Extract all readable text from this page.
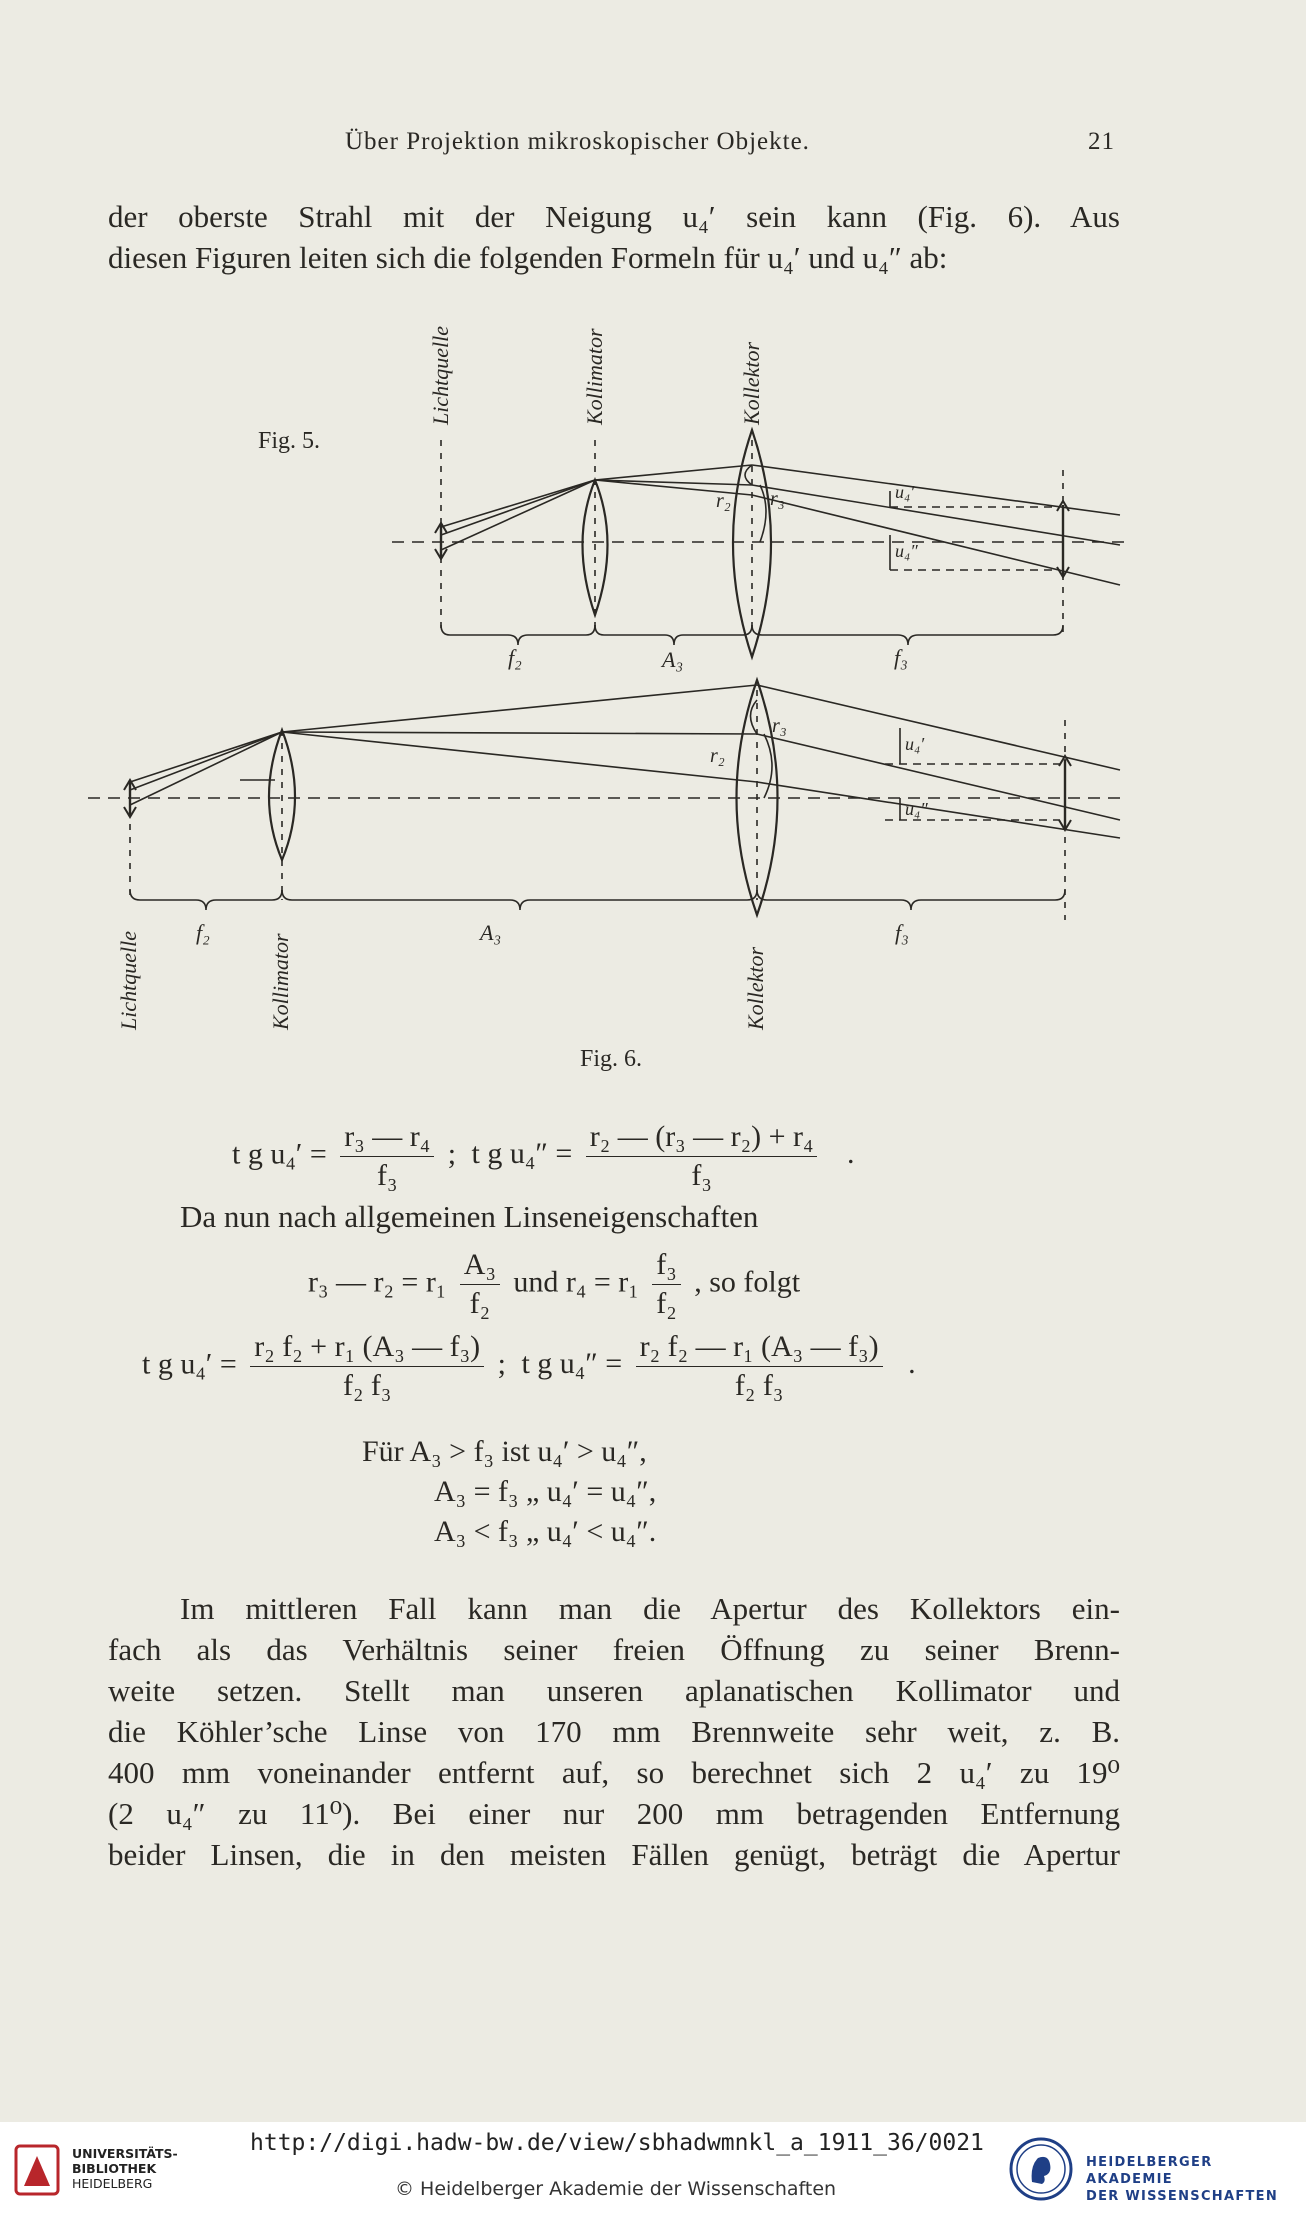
Über Projektion mikroskopischer Objekte.	21
der oberste Strahl mit der Neigung u₄′ sein kann (Fig. 6). Aus
diesen Figuren leiten sich die folgenden Formeln für u₄′ und u₄″ ab:
Fig. 5.
Lichtquelle	Kollimator	Kollektor
f₂	A₃	f₃
r₂ r₃	u₄′
u₄″
Lichtquelle	Kollimator	Kollektor
f₂	A₃	f₃
r₂
r₃
u₄′
u₄″
Fig. 6.
t g $u_4' = \frac{\text{r₃ — r₄}}{\text{f₃}}$ ; t g $u_4'' = \frac{\text{r₂ — (r₃ — r₂) + r₄}}{\text{f₃}}$ .
Da nun nach allgemeinen Linseneigenschaften
r₃ — $r_2 = r_1 \frac{\text{A₃}}{\text{f₂}}$ und $r_4 = r_1 \frac{\text{f₃}}{\text{f₂}}$ , so folgt
t g $u_4' = \frac{\text{r₂ f₂ + r₁ (A₃ — f₃)}}{\text{f₂ f₃}}$ ; t g $u_4'' = \frac{\text{r₂ f₂ — r₁ (A₃ — f₃)}}{\text{f₂ f₃}}$ .
Für A₃ > f₃ ist u₄′ > u₄″,
A₃ = f₃ „ u₄′ = u₄″,
A₃ < f₃ „ u₄′ < u₄″.
Im mittleren Fall kann man die Apertur des Kollektors ein-
fach als das Verhältnis seiner freien Öffnung zu seiner Brenn-
weite setzen. Stellt man unseren aplanatischen Kollimator und
die Köhler’sche Linse von 170 mm Brennweite sehr weit, z. B.
400 mm voneinander entfernt auf, so berechnet sich 2 u₄′ zu 19⁰
(2 u₄″ zu 11⁰). Bei einer nur 200 mm betragenden Entfernung
beider Linsen, die in den meisten Fällen genügt, beträgt die Apertur
UNIVERSITÄTS-
BIBLIOTHEK
HEIDELBERG
http://digi.hadw-bw.de/view/sbhadwmnkl_a_1911_36/0021
© Heidelberger Akademie der Wissenschaften
HEIDELBERGER AKADEMIE
DER WISSENSCHAFTEN
